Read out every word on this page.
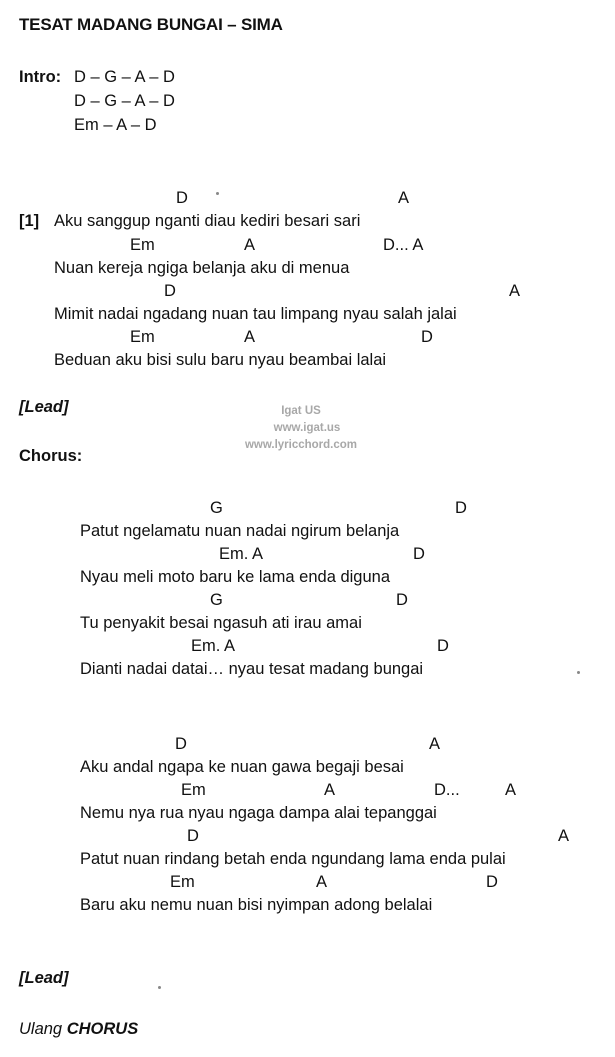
TESAT MADANG BUNGAI – SIMA
Intro: D – G – A – D
D – G – A – D
Em – A – D
D	A
[1] Aku sanggup nganti diau kediri besari sari
Em	A	D... A
Nuan kereja ngiga belanja aku di menua
D	A
Mimit nadai ngadang nuan tau limpang nyau salah jalai
Em	A	D
Beduan aku bisi sulu baru nyau beambai lalai
[Lead]	Igat US
www.igat.us
www.lyricchord.com
Chorus:
G	D
Patut ngelamatu nuan nadai ngirum belanja
Em. A	D
Nyau meli moto baru ke lama enda diguna
G	D
Tu penyakit besai ngasuh ati irau amai
Em. A	D
Dianti nadai datai… nyau tesat madang bungai
D	A
Aku andal ngapa ke nuan gawa begaji besai
Em	A	D...	A
Nemu nya rua nyau ngaga dampa alai tepanggai
D	A
Patut nuan rindang betah enda ngundang lama enda pulai
Em	A	D
Baru aku nemu nuan bisi nyimpan adong belalai
[Lead]
Ulang CHORUS
